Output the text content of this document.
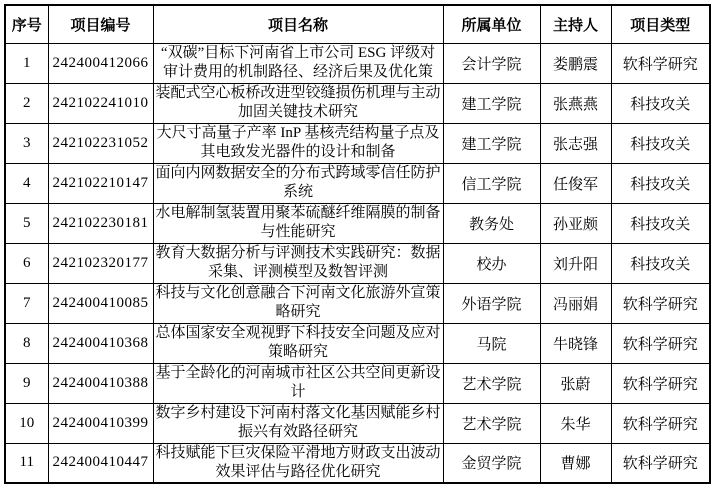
序号	项目编号	项目名称	所属单位	主持人	项目类型
1	242400412066	“双碳”目标下河南省上市公司 ESG 评级对审计费用的机制路径、经济后果及优化策	会计学院	娄鹏震	软科学研究
2	242102241010	装配式空心板桥改进型铰缝损伤机理与主动加固关键技术研究	建工学院	张燕燕	科技攻关
3	242102231052	大尺寸高量子产率 InP 基核壳结构量子点及其电致发光器件的设计和制备	建工学院	张志强	科技攻关
4	242102210147	面向内网数据安全的分布式跨域零信任防护系统	信工学院	任俊军	科技攻关
5	242102230181	水电解制氢装置用聚苯硫醚纤维隔膜的制备与性能研究	教务处	孙亚颇	科技攻关
6	242102320177	教育大数据分析与评测技术实践研究：数据采集、评测模型及数智评测	校办	刘升阳	科技攻关
7	242400410085	科技与文化创意融合下河南文化旅游外宣策略研究	外语学院	冯丽娟	软科学研究
8	242400410368	总体国家安全观视野下科技安全问题及应对策略研究	马院	牛晓锋	软科学研究
9	242400410388	基于全龄化的河南城市社区公共空间更新设计	艺术学院	张蔚	软科学研究
10	242400410399	数字乡村建设下河南村落文化基因赋能乡村振兴有效路径研究	艺术学院	朱华	软科学研究
11	242400410447	科技赋能下巨灾保险平滑地方财政支出波动效果评估与路径优化研究	金贸学院	曹娜	软科学研究
